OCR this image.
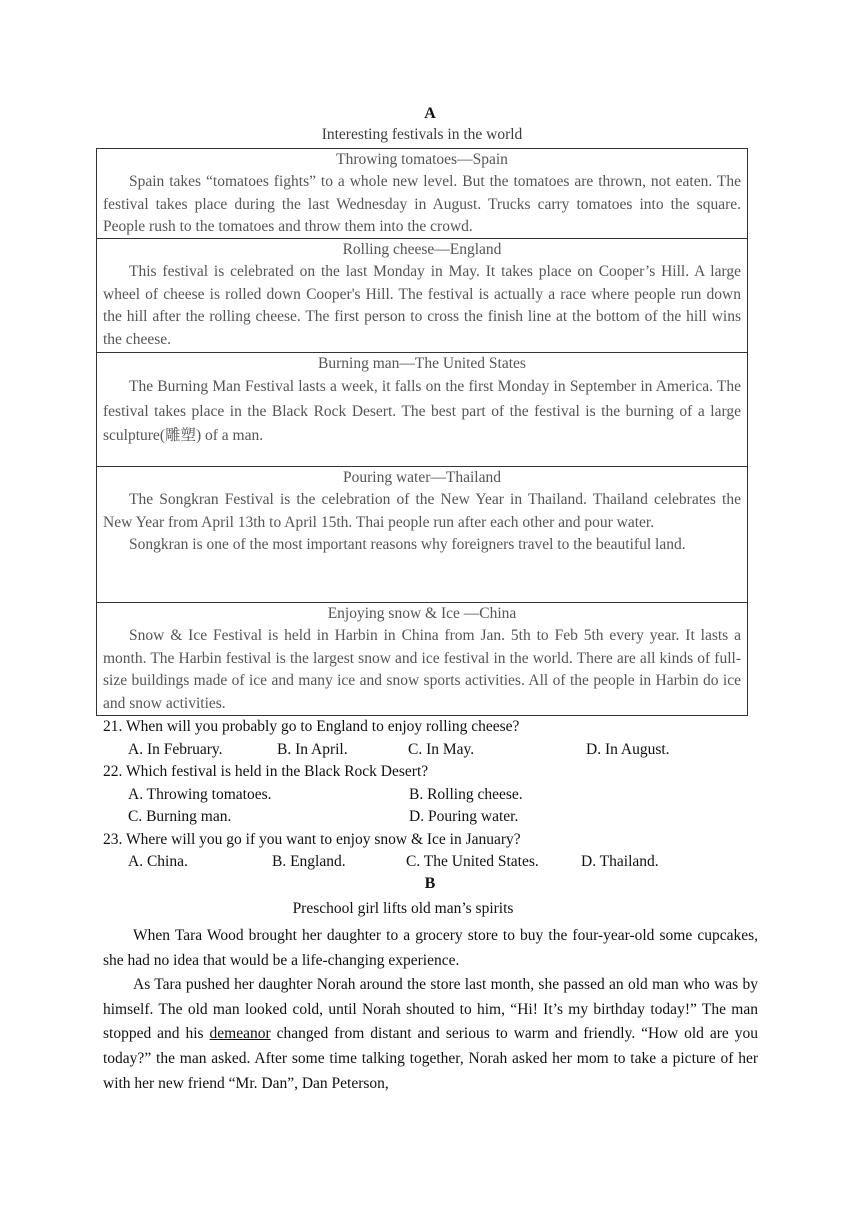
A
Interesting festivals in the world
Throwing tomatoes—Spain

Spain takes “tomatoes fights” to a whole new level. But the tomatoes are thrown, not eaten. The festival takes place during the last Wednesday in August. Trucks carry tomatoes into the square. People rush to the tomatoes and throw them into the crowd.

Rolling cheese—England

This festival is celebrated on the last Monday in May. It takes place on Cooper’s Hill. A large wheel of cheese is rolled down Cooper's Hill. The festival is actually a race where people run down the hill after the rolling cheese. The first person to cross the finish line at the bottom of the hill wins the cheese.

Burning man—The United States

The Burning Man Festival lasts a week, it falls on the first Monday in September in America. The festival takes place in the Black Rock Desert. The best part of the festival is the burning of a large sculpture(雕塑) of a man.

Pouring water—Thailand

The Songkran Festival is the celebration of the New Year in Thailand. Thailand celebrates the New Year from April 13th to April 15th. Thai people run after each other and pour water.

Songkran is one of the most important reasons why foreigners travel to the beautiful land.

Enjoying snow & Ice —China

Snow & Ice Festival is held in Harbin in China from Jan. 5th to Feb 5th every year. It lasts a month. The Harbin festival is the largest snow and ice festival in the world. There are all kinds of full-size buildings made of ice and many ice and snow sports activities. All of the people in Harbin do ice and snow activities.

21. When will you probably go to England to enjoy rolling cheese?
A. In February.	B. In April.	C. In May.	D. In August.
22. Which festival is held in the Black Rock Desert?
A. Throwing tomatoes.	B. Rolling cheese.
C. Burning man.	D. Pouring water.
23. Where will you go if you want to enjoy snow & Ice in January?
A. China.	B. England.	C. The United States.	D. Thailand.
B
Preschool girl lifts old man’s spirits

When Tara Wood brought her daughter to a grocery store to buy the four-year-old some cupcakes, she had no idea that would be a life-changing experience.

As Tara pushed her daughter Norah around the store last month, she passed an old man who was by himself. The old man looked cold, until Norah shouted to him, “Hi! It’s my birthday today!” The man stopped and his demeanor changed from distant and serious to warm and friendly. “How old are you today?” the man asked. After some time talking together, Norah asked her mom to take a picture of her with her new friend “Mr. Dan”, Dan Peterson,
